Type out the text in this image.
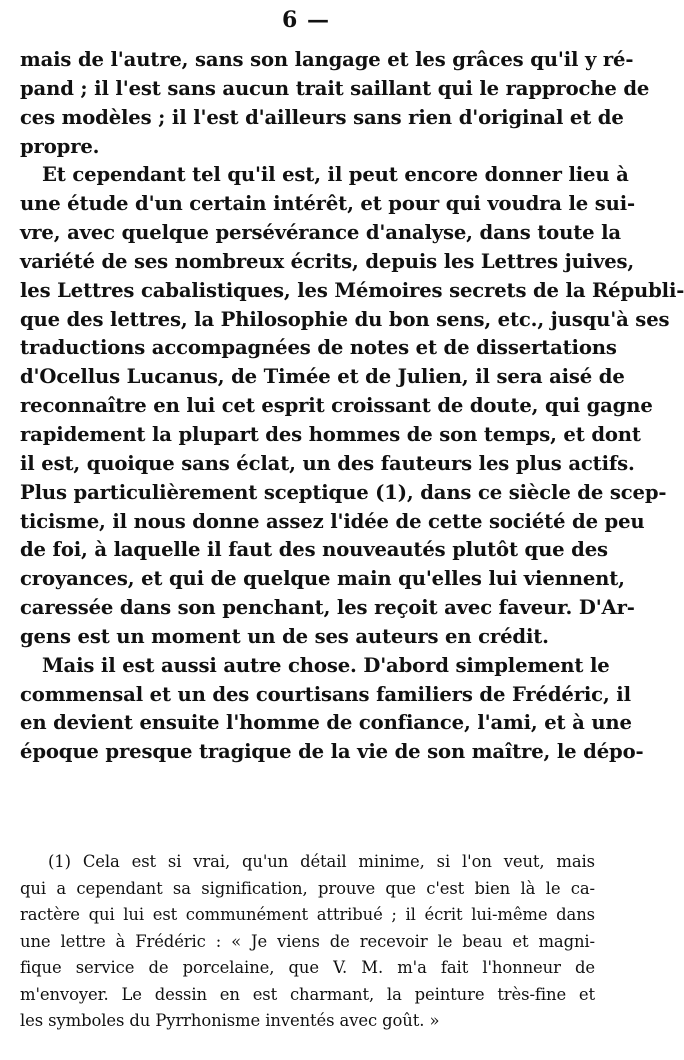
6 —
mais de l'autre, sans son langage et les grâces qu'il y ré-
pand ; il l'est sans aucun trait saillant qui le rapproche de
ces modèles ; il l'est d'ailleurs sans rien d'original et de
propre.
Et cependant tel qu'il est, il peut encore donner lieu à
une étude d'un certain intérêt, et pour qui voudra le sui-
vre, avec quelque persévérance d'analyse, dans toute la
variété de ses nombreux écrits, depuis les Lettres juives,
les Lettres cabalistiques, les Mémoires secrets de la Républi-
que des lettres, la Philosophie du bon sens, etc., jusqu'à ses
traductions accompagnées de notes et de dissertations
d'Ocellus Lucanus, de Timée et de Julien, il sera aisé de
reconnaître en lui cet esprit croissant de doute, qui gagne
rapidement la plupart des hommes de son temps, et dont
il est, quoique sans éclat, un des fauteurs les plus actifs.
Plus particulièrement sceptique (1), dans ce siècle de scep-
ticisme, il nous donne assez l'idée de cette société de peu
de foi, à laquelle il faut des nouveautés plutôt que des
croyances, et qui de quelque main qu'elles lui viennent,
caressée dans son penchant, les reçoit avec faveur. D'Ar-
gens est un moment un de ses auteurs en crédit.
Mais il est aussi autre chose. D'abord simplement le
commensal et un des courtisans familiers de Frédéric, il
en devient ensuite l'homme de confiance, l'ami, et à une
époque presque tragique de la vie de son maître, le dépo-
(1) Cela est si vrai, qu'un détail minime, si l'on veut, mais
qui a cependant sa signification, prouve que c'est bien là le ca-
ractère qui lui est communément attribué ; il écrit lui-même dans
une lettre à Frédéric : « Je viens de recevoir le beau et magni-
fique service de porcelaine, que V. M. m'a fait l'honneur de
m'envoyer. Le dessin en est charmant, la peinture très-fine et
les symboles du Pyrrhonisme inventés avec goût. »
